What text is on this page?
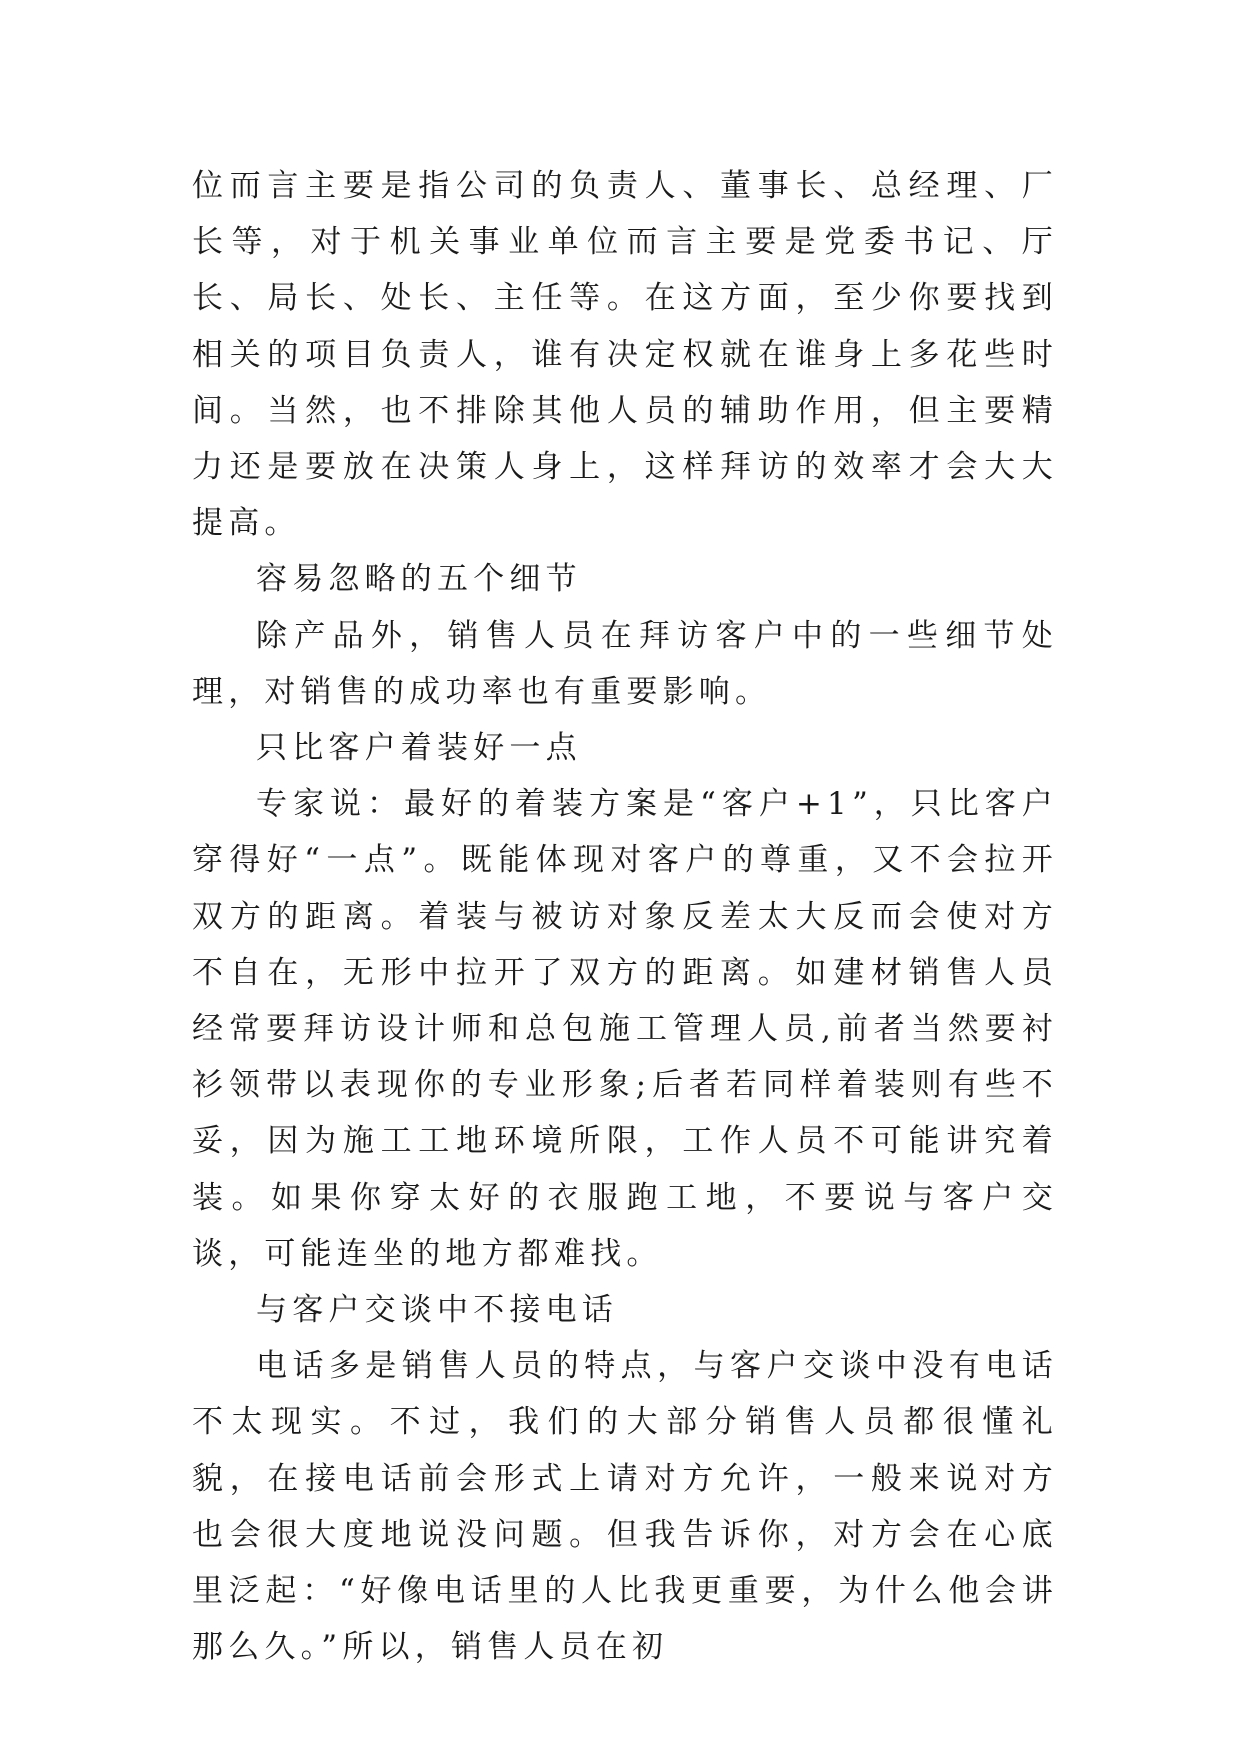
位而言主要是指公司的负责人、董事长、总经理、厂长等，对于机关事业单位而言主要是党委书记、厅长、局长、处长、主任等。在这方面，至少你要找到相关的项目负责人，谁有决定权就在谁身上多花些时间。当然，也不排除其他人员的辅助作用，但主要精力还是要放在决策人身上，这样拜访的效率才会大大提高。

容易忽略的五个细节

除产品外，销售人员在拜访客户中的一些细节处理，对销售的成功率也有重要影响。

只比客户着装好一点

专家说：最好的着装方案是“客户+1”，只比客户穿得好“一点”。既能体现对客户的尊重，又不会拉开双方的距离。着装与被访对象反差太大反而会使对方不自在，无形中拉开了双方的距离。如建材销售人员经常要拜访设计师和总包施工管理人员,前者当然要衬衫领带以表现你的专业形象;后者若同样着装则有些不妥，因为施工工地环境所限，工作人员不可能讲究着装。如果你穿太好的衣服跑工地，不要说与客户交谈，可能连坐的地方都难找。

与客户交谈中不接电话

电话多是销售人员的特点，与客户交谈中没有电话不太现实。不过，我们的大部分销售人员都很懂礼貌，在接电话前会形式上请对方允许，一般来说对方也会很大度地说没问题。但我告诉你，对方会在心底里泛起：“好像电话里的人比我更重要，为什么他会讲那么久。”所以，销售人员在初
